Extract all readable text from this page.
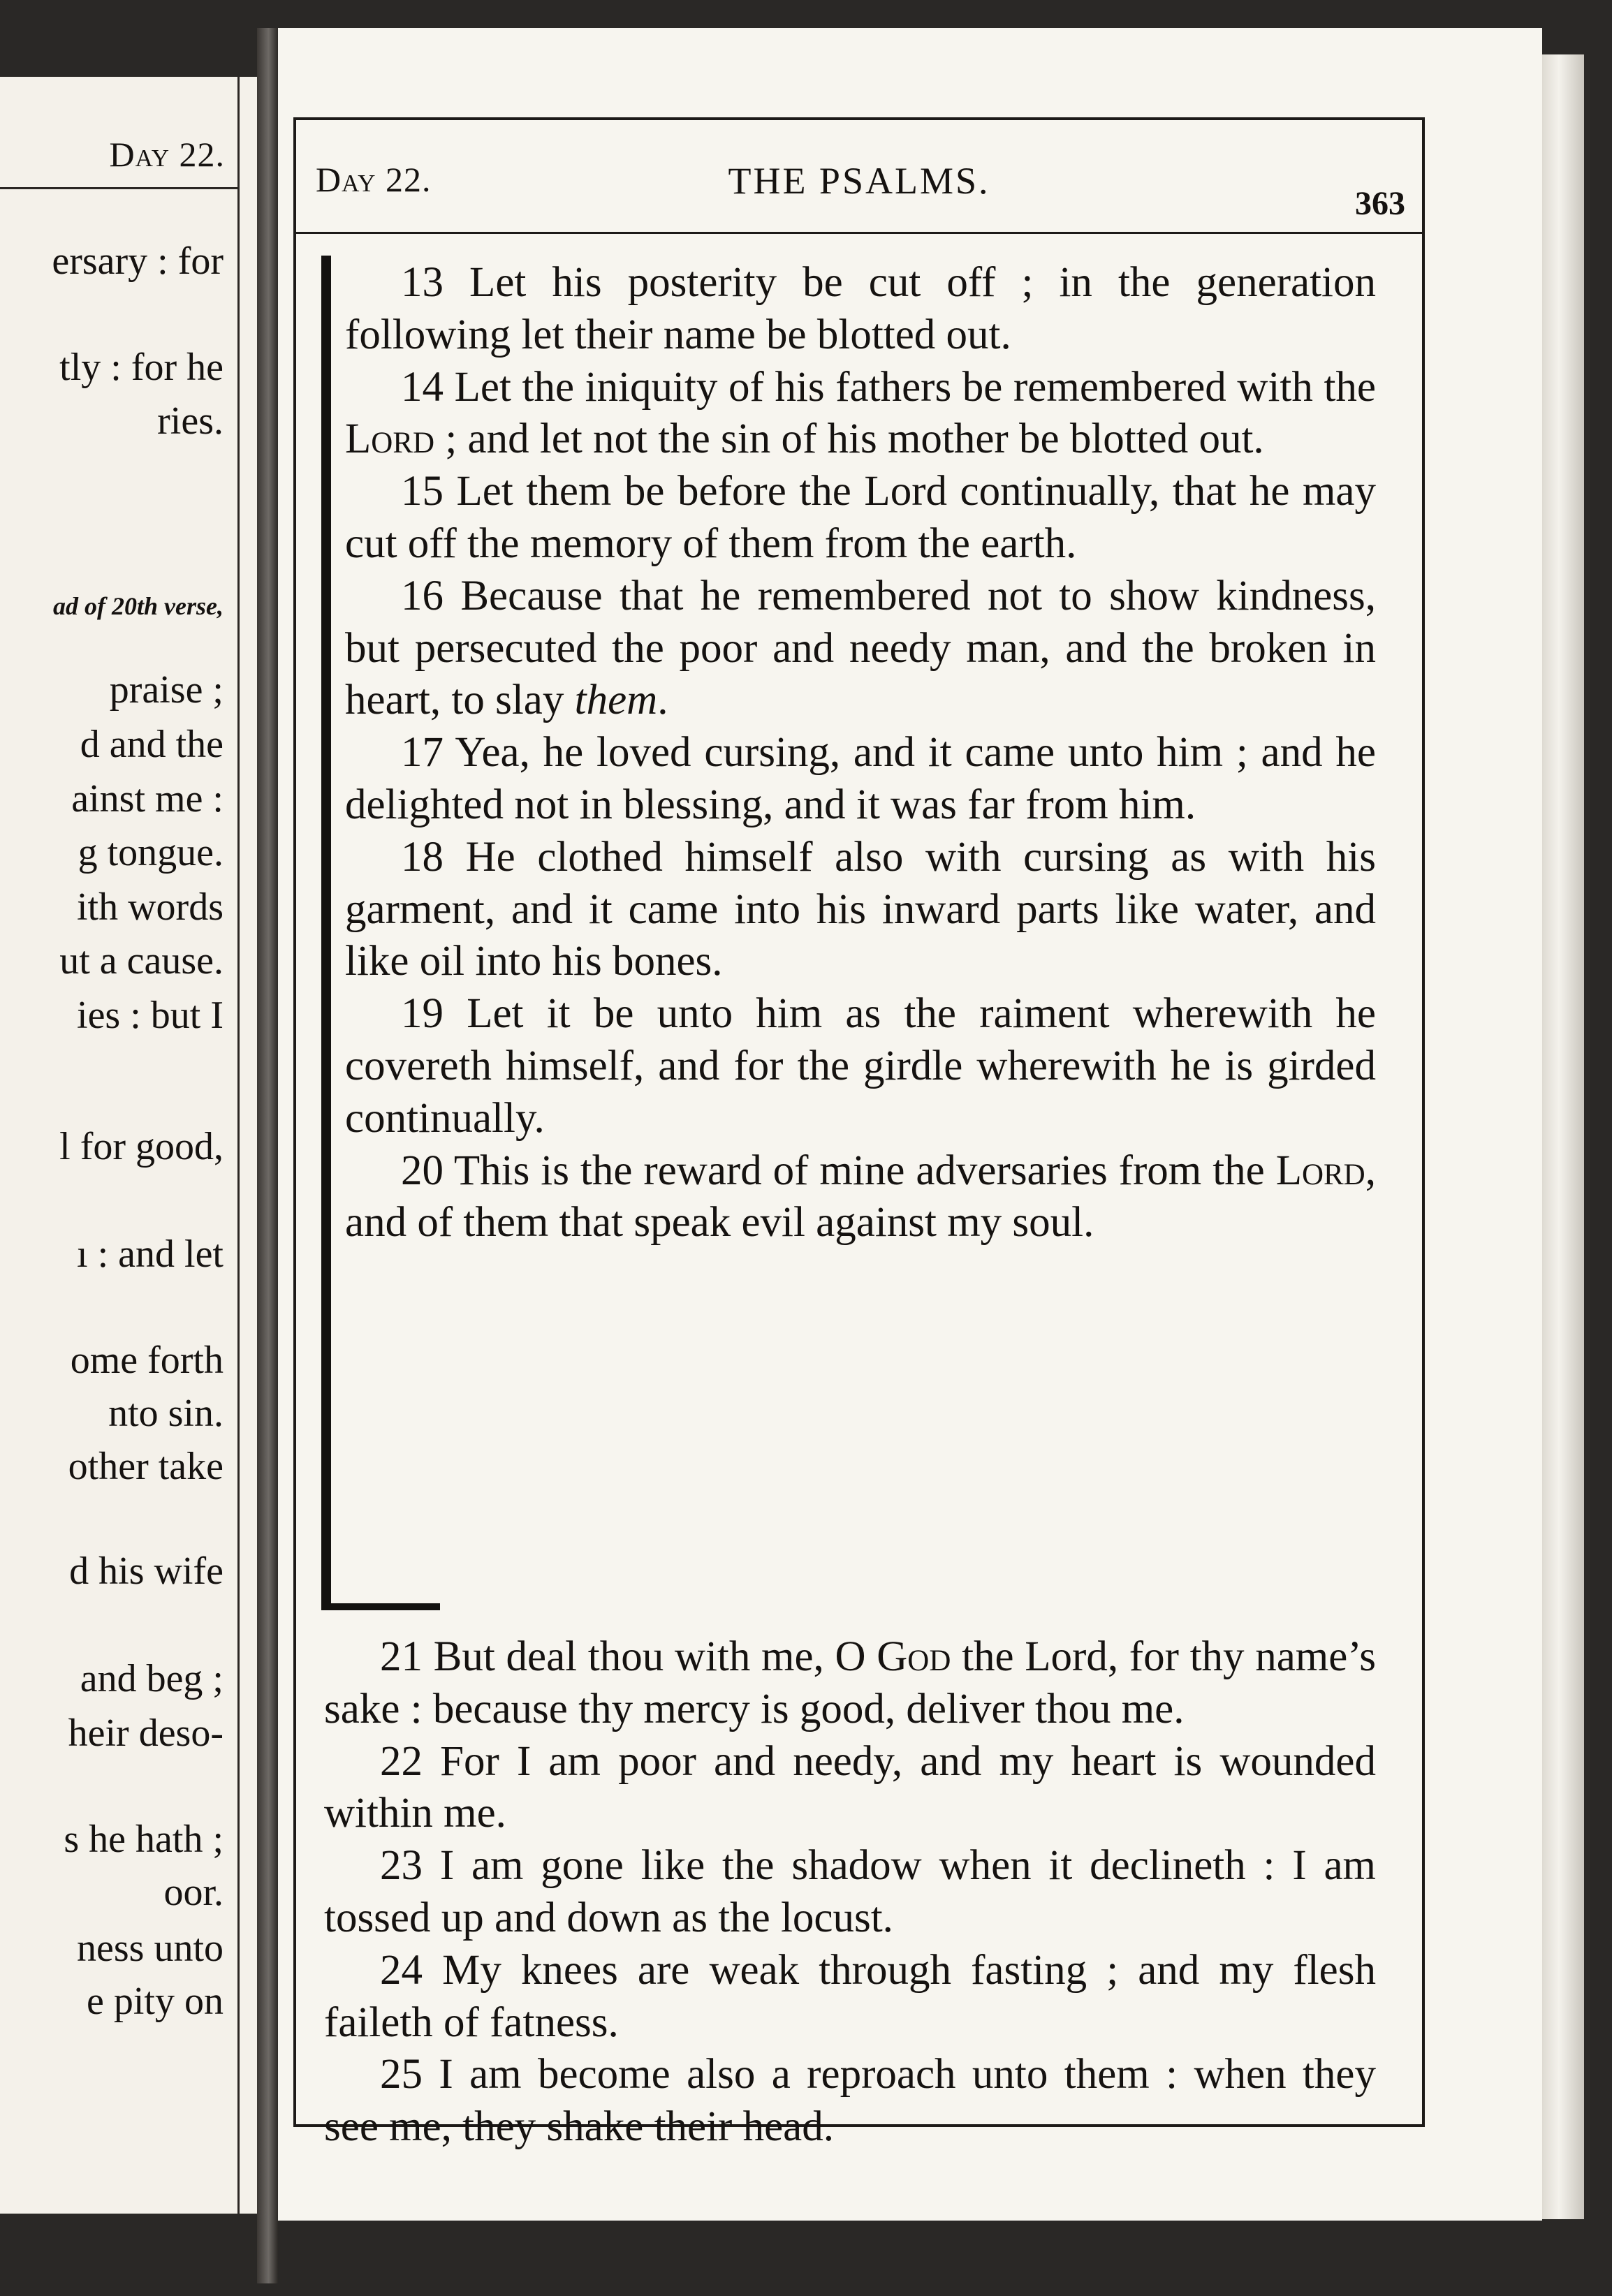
Day 22.
ersary : for
tly : for he
ries.
ad of 20th verse,
praise ;
d and the
ainst me :
g tongue.
ith words
ut a cause.
ies : but I
l for good,
ı : and let
ome forth
nto sin.
other take
d his wife
and beg ;
heir deso-
s he hath ;
oor.
ness unto
e pity on
Day 22.	THE PSALMS.
363

13 Let his posterity be cut off ; in the generation following let their name be blotted out.

14 Let the iniquity of his fathers be remembered with the Lord ; and let not the sin of his mother be blotted out.

15 Let them be before the Lord continually, that he may cut off the memory of them from the earth.

16 Because that he remembered not to show kindness, but persecuted the poor and needy man, and the broken in heart, to slay them.

17 Yea, he loved cursing, and it came unto him ; and he delighted not in blessing, and it was far from him.

18 He clothed himself also with cursing as with his garment, and it came into his inward parts like water, and like oil into his bones.

19 Let it be unto him as the raiment wherewith he covereth himself, and for the girdle wherewith he is girded continually.

20 This is the reward of mine adversaries from the Lord, and of them that speak evil against my soul.

21 But deal thou with me, O God the Lord, for thy name’s sake : because thy mercy is good, deliver thou me.

22 For I am poor and needy, and my heart is wounded within me.

23 I am gone like the shadow when it declineth : I am tossed up and down as the locust.

24 My knees are weak through fasting ; and my flesh faileth of fatness.

25 I am become also a reproach unto them : when they see me, they shake their head.
